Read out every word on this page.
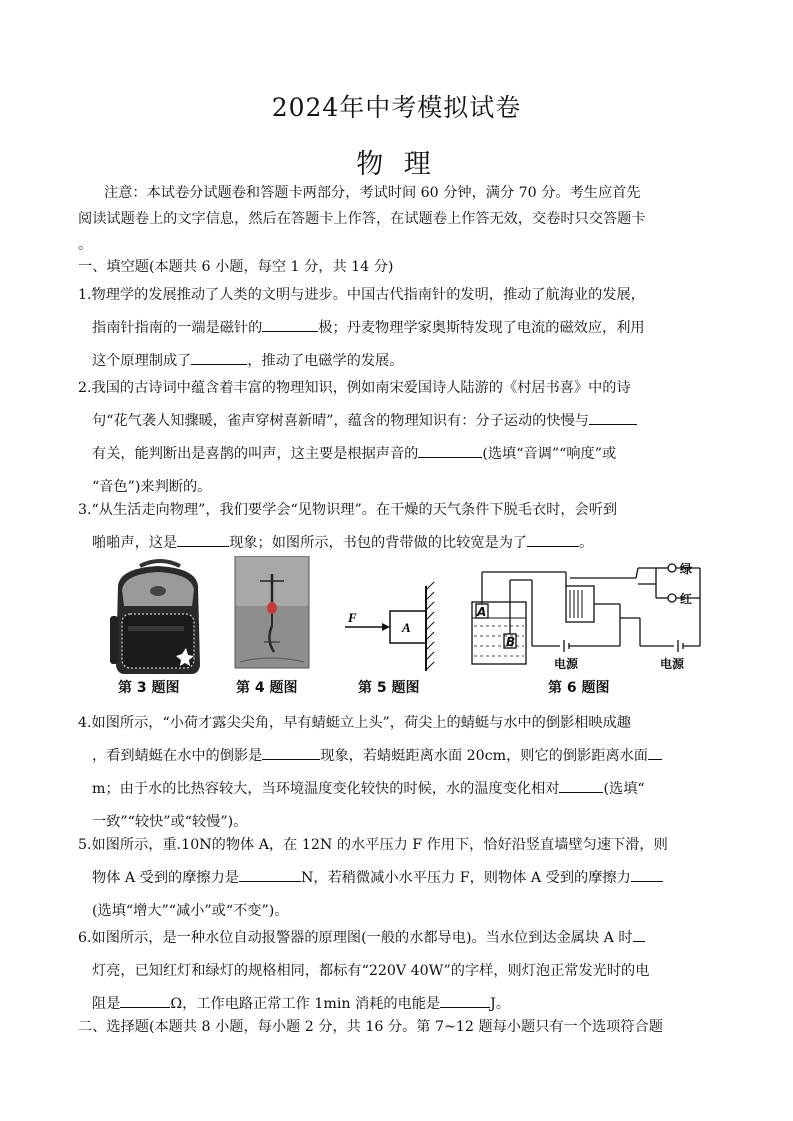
2024年中考模拟试卷
物 理
注意：本试卷分试题卷和答题卡两部分，考试时间 60 分钟，满分 70 分。考生应首先
阅读试题卷上的文字信息，然后在答题卡上作答，在试题卷上作答无效，交卷时只交答题卡
。
一、填空题(本题共 6 小题，每空 1 分，共 14 分)
1.物理学的发展推动了人类的文明与进步。中国古代指南针的发明，推动了航海业的发展，
指南针指南的一端是磁针的	极；丹麦物理学家奥斯特发现了电流的磁效应，利用
这个原理制成了	，推动了电磁学的发展。
2.我国的古诗词中蕴含着丰富的物理知识，例如南宋爱国诗人陆游的《村居书喜》中的诗
句“花气袭人知骤暖，雀声穿树喜新晴”，蕴含的物理知识有：分子运动的快慢与
有关，能判断出是喜鹊的叫声，这主要是根据声音的	(选填“音调”“响度”或
“音色”)来判断的。
3.“从生活走向物理”，我们要学会“见物识理”。在干燥的天气条件下脱毛衣时，会听到
啪啪声，这是	现象；如图所示，书包的背带做的比较宽是为了	。
F
A
A
B
绿
红
电源	电源
第 3 题图	第 4 题图	第 5 题图	第 6 题图
4.如图所示，“小荷才露尖尖角，早有蜻蜓立上头”，荷尖上的蜻蜓与水中的倒影相映成趣
，看到蜻蜓在水中的倒影是	现象，若蜻蜓距离水面 20cm，则它的倒影距离水面
m；由于水的比热容较大，当环境温度变化较快的时候，水的温度变化相对	(选填“
一致”“较快”或“较慢”)。
5.如图所示，重.10N的物体 A，在 12N 的水平压力 F 作用下，恰好沿竖直墙壁匀速下滑，则
物体 A 受到的摩擦力是	N，若稍微减小水平压力 F，则物体 A 受到的摩擦力
(选填“增大”“减小”或“不变”)。
6.如图所示，是一种水位自动报警器的原理图(一般的水都导电)。当水位到达金属块 A 时
灯亮，已知红灯和绿灯的规格相同，都标有“220V 40W”的字样，则灯泡正常发光时的电
阻是	Ω，工作电路正常工作 1min 消耗的电能是	J。
二、选择题(本题共 8 小题，每小题 2 分，共 16 分。第 7~12 题每小题只有一个选项符合题
